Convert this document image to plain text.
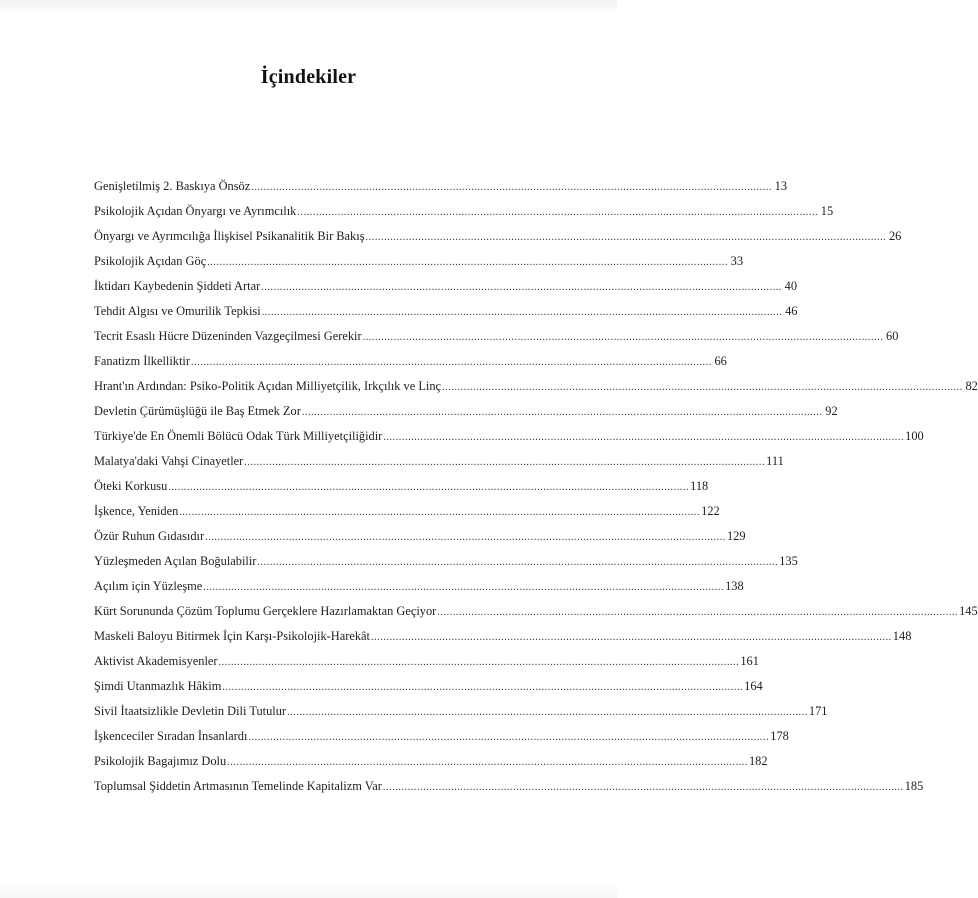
İçindekiler
Genişletilmiş 2. Baskıya Önsöz .....	13
Psikolojik Açıdan Önyargı ve Ayrımcılık .....	15
Önyargı ve Ayrımcılığa İlişkisel Psikanalitik Bir Bakış .....	26
Psikolojik Açıdan Göç .....	33
İktidarı Kaybedenin Şiddeti Artar .....	40
Tehdit Algısı ve Omurilik Tepkisi .....	46
Tecrit Esaslı Hücre Düzeninden Vazgeçilmesi Gerekir .....	60
Fanatizm İlkelliktir .....	66
Hrant'ın Ardından: Psiko-Politik Açıdan Milliyetçilik, Irkçılık ve Linç .....	82
Devletin Çürümüşlüğü ile Baş Etmek Zor .....	92
Türkiye'de En Önemli Bölücü Odak Türk Milliyetçiliğidir .....	100
Malatya'daki Vahşi Cinayetler .....	111
Öteki Korkusu .....	118
İşkence, Yeniden .....	122
Özür Ruhun Gıdasıdır .....	129
Yüzleşmeden Açılan Boğulabilir .....	135
Açılım için Yüzleşme .....	138
Kürt Sorununda Çözüm Toplumu Gerçeklere Hazırlamaktan Geçiyor .....	145
Maskeli Baloyu Bitirmek İçin Karşı-Psikolojik-Harekât .....	148
Aktivist Akademisyenler .....	161
Şimdi Utanmazlık Hâkim .....	164
Sivil İtaatsizlikle Devletin Dili Tutulur .....	171
İşkenceciler Sıradan İnsanlardı .....	178
Psikolojik Bagajımız Dolu .....	182
Toplumsal Şiddetin Artmasının Temelinde Kapitalizm Var .....	185
